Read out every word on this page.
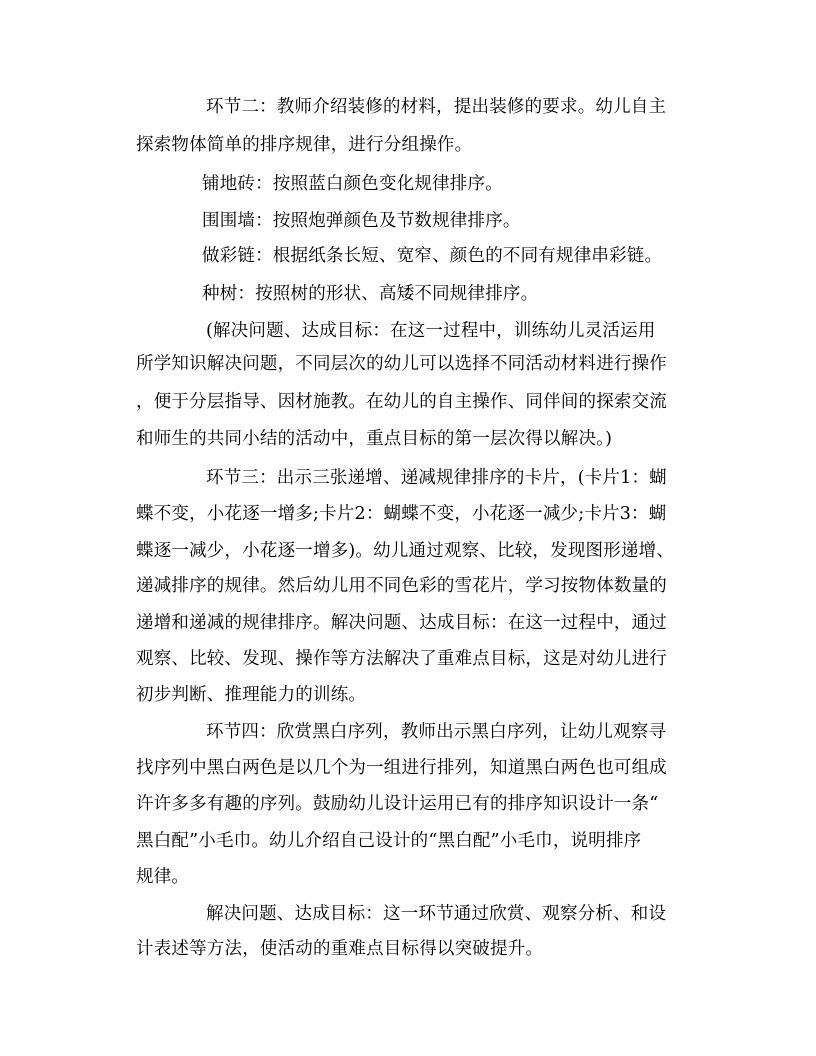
环节二：教师介绍装修的材料，提出装修的要求。幼儿自主
探索物体简单的排序规律，进行分组操作。
铺地砖：按照蓝白颜色变化规律排序。
围围墙：按照炮弹颜色及节数规律排序。
做彩链：根据纸条长短、宽窄、颜色的不同有规律串彩链。
种树：按照树的形状、高矮不同规律排序。
(解决问题、达成目标：在这一过程中，训练幼儿灵活运用
所学知识解决问题，不同层次的幼儿可以选择不同活动材料进行操作
，便于分层指导、因材施教。在幼儿的自主操作、同伴间的探索交流
和师生的共同小结的活动中，重点目标的第一层次得以解决。)
环节三：出示三张递增、递减规律排序的卡片，(卡片1：蝴
蝶不变，小花逐一增多;卡片2：蝴蝶不变，小花逐一减少;卡片3：蝴
蝶逐一减少，小花逐一增多)。幼儿通过观察、比较，发现图形递增、
递减排序的规律。然后幼儿用不同色彩的雪花片，学习按物体数量的
递增和递减的规律排序。解决问题、达成目标：在这一过程中，通过
观察、比较、发现、操作等方法解决了重难点目标，这是对幼儿进行
初步判断、推理能力的训练。
环节四：欣赏黑白序列，教师出示黑白序列，让幼儿观察寻
找序列中黑白两色是以几个为一组进行排列，知道黑白两色也可组成
许许多多有趣的序列。鼓励幼儿设计运用已有的排序知识设计一条“
黑白配”小毛巾。幼儿介绍自己设计的“黑白配”小毛巾，说明排序
规律。
解决问题、达成目标：这一环节通过欣赏、观察分析、和设
计表述等方法，使活动的重难点目标得以突破提升。
